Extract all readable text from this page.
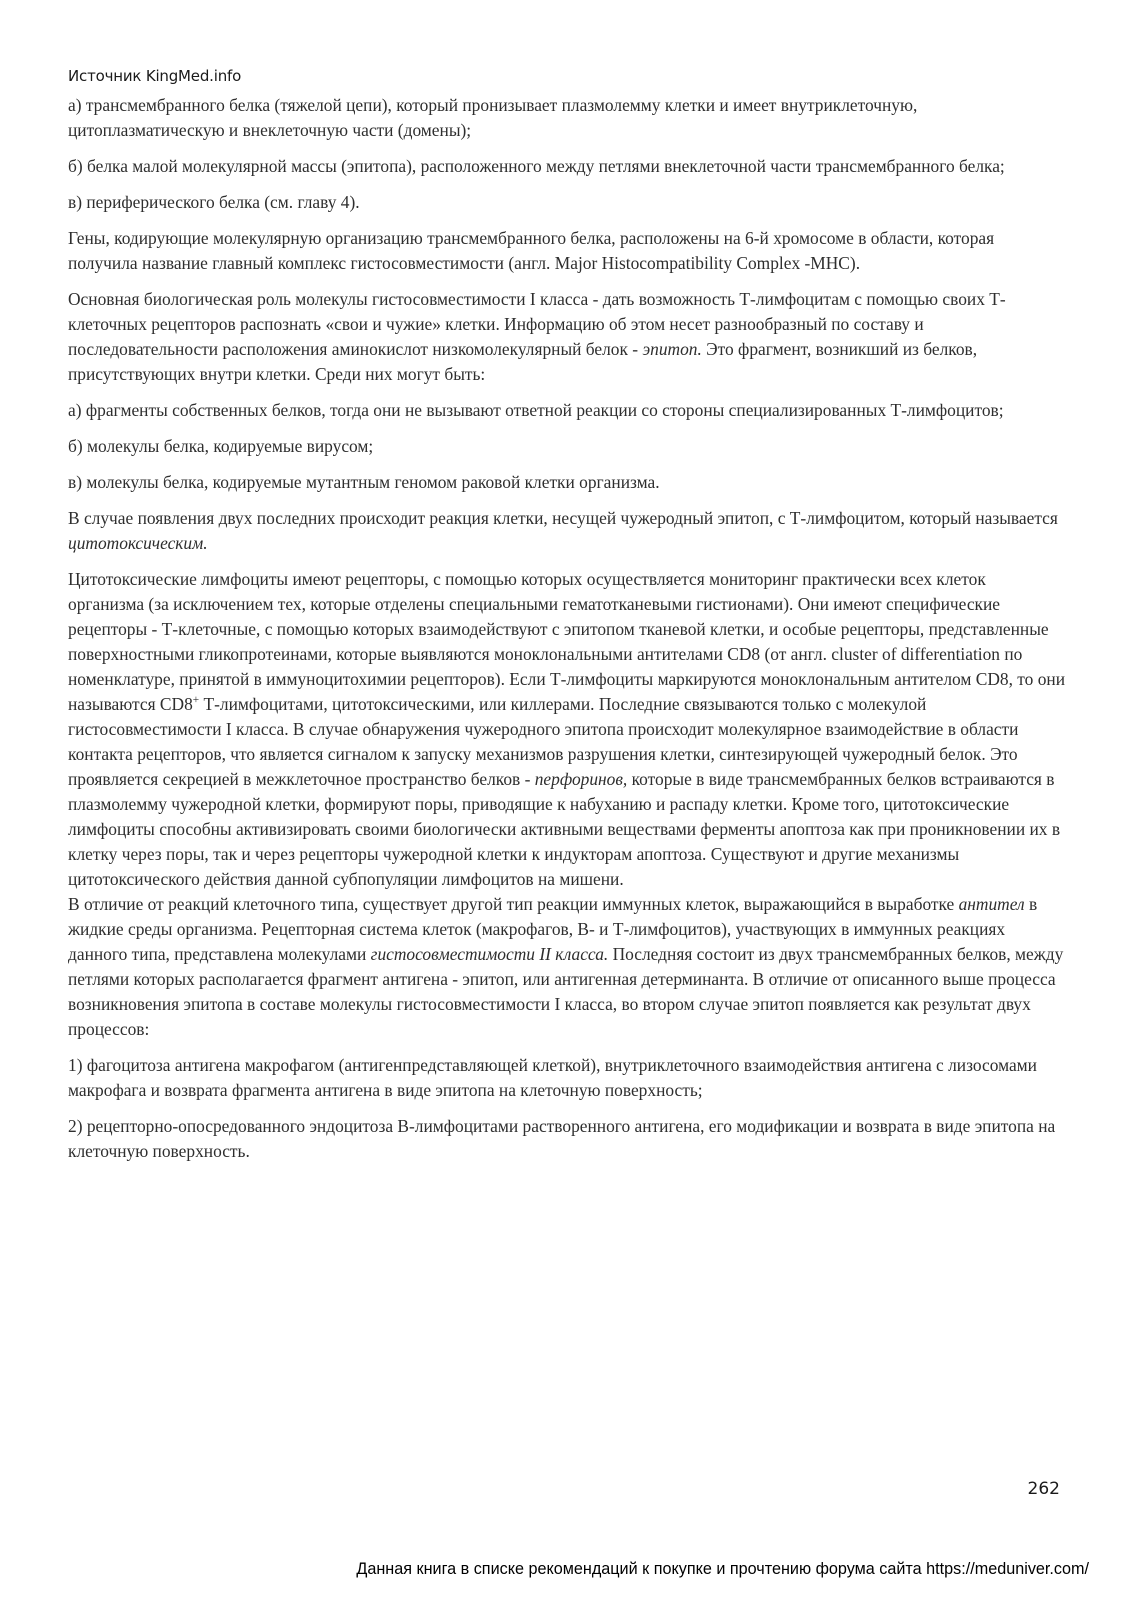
Источник KingMed.info

а) трансмембранного белка (тяжелой цепи), который пронизывает плазмолемму клетки и имеет внутриклеточную, цитоплазматическую и внеклеточную части (домены);

б) белка малой молекулярной массы (эпитопа), расположенного между петлями внеклеточной части трансмембранного белка;

в) периферического белка (см. главу 4).

Гены, кодирующие молекулярную организацию трансмембранного белка, расположены на 6-й хромосоме в области, которая получила название главный комплекс гистосовместимости (англ. Major Histocompatibility Complex -MHC).

Основная биологическая роль молекулы гистосовместимости I класса - дать возможность Т-лимфоцитам с помощью своих Т-клеточных рецепторов распознать «свои и чужие» клетки. Информацию об этом несет разнообразный по составу и последовательности расположения аминокислот низкомолекулярный белок - эпитоп. Это фрагмент, возникший из белков, присутствующих внутри клетки. Среди них могут быть:

а) фрагменты собственных белков, тогда они не вызывают ответной реакции со стороны специализированных Т-лимфоцитов;

б) молекулы белка, кодируемые вирусом;

в) молекулы белка, кодируемые мутантным геномом раковой клетки организма.

В случае появления двух последних происходит реакция клетки, несущей чужеродный эпитоп, с Т-лимфоцитом, который называется цитотоксическим.

Цитотоксические лимфоциты имеют рецепторы, с помощью которых осуществляется мониторинг практически всех клеток организма (за исключением тех, которые отделены специальными гематотканевыми гистионами). Они имеют специфические рецепторы - Т-клеточные, с помощью которых взаимодействуют с эпитопом тканевой клетки, и особые рецепторы, представленные поверхностными гликопротеинами, которые выявляются моноклональными антителами CD8 (от англ. cluster of differentiation по номенклатуре, принятой в иммуноцитохимии рецепторов). Если Т-лимфоциты маркируются моноклональным антителом CD8, то они называются CD8+ Т-лимфоцитами, цитотоксическими, или киллерами. Последние связываются только с молекулой гистосовместимости I класса. В случае обнаружения чужеродного эпитопа происходит молекулярное взаимодействие в области контакта рецепторов, что является сигналом к запуску механизмов разрушения клетки, синтезирующей чужеродный белок. Это проявляется секрецией в межклеточное пространство белков - перфоринов, которые в виде трансмембранных белков встраиваются в плазмолемму чужеродной клетки, формируют поры, приводящие к набуханию и распаду клетки. Кроме того, цитотоксические лимфоциты способны активизировать своими биологически активными веществами ферменты апоптоза как при проникновении их в клетку через поры, так и через рецепторы чужеродной клетки к индукторам апоптоза. Существуют и другие механизмы цитотоксического действия данной субпопуляции лимфоцитов на мишени.

В отличие от реакций клеточного типа, существует другой тип реакции иммунных клеток, выражающийся в выработке антител в жидкие среды организма. Рецепторная система клеток (макрофагов, В- и Т-лимфоцитов), участвующих в иммунных реакциях данного типа, представлена молекулами гистосовместимости II класса. Последняя состоит из двух трансмембранных белков, между петлями которых располагается фрагмент антигена - эпитоп, или антигенная детерминанта. В отличие от описанного выше процесса возникновения эпитопа в составе молекулы гистосовместимости I класса, во втором случае эпитоп появляется как результат двух процессов:

1) фагоцитоза антигена макрофагом (антигенпредставляющей клеткой), внутриклеточного взаимодействия антигена с лизосомами макрофага и возврата фрагмента антигена в виде эпитопа на клеточную поверхность;

2) рецепторно-опосредованного эндоцитоза В-лимфоцитами растворенного антигена, его модификации и возврата в виде эпитопа на клеточную поверхность.

262
Данная книга в списке рекомендаций к покупке и прочтению форума сайта https://meduniver.com/
